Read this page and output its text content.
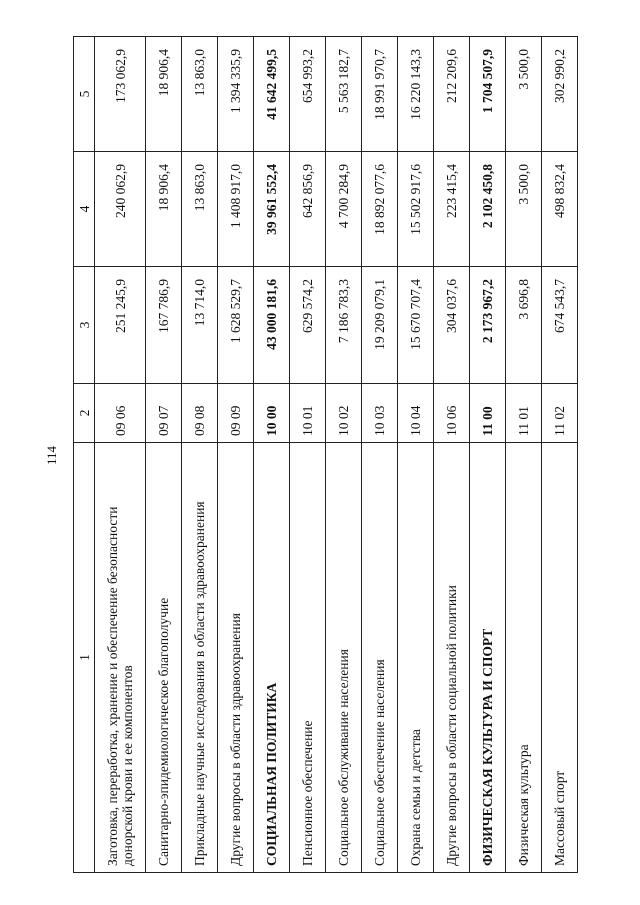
114
1	2	3	4	5
Заготовка, переработка, хранение и обеспечение безопасности донорской крови и ее компонентов	09 06	251 245,9	240 062,9	173 062,9
Санитарно-эпидемиологическое благополучие	09 07	167 786,9	18 906,4	18 906,4
Прикладные научные исследования в области здравоохранения	09 08	13 714,0	13 863,0	13 863,0
Другие вопросы в области здравоохранения	09 09	1 628 529,7	1 408 917,0	1 394 335,9
СОЦИАЛЬНАЯ ПОЛИТИКА	10 00	43 000 181,6	39 961 552,4	41 642 499,5
Пенсионное обеспечение	10 01	629 574,2	642 856,9	654 993,2
Социальное обслуживание населения	10 02	7 186 783,3	4 700 284,9	5 563 182,7
Социальное обеспечение населения	10 03	19 209 079,1	18 892 077,6	18 991 970,7
Охрана семьи и детства	10 04	15 670 707,4	15 502 917,6	16 220 143,3
Другие вопросы в области социальной политики	10 06	304 037,6	223 415,4	212 209,6
ФИЗИЧЕСКАЯ КУЛЬТУРА И СПОРТ	11 00	2 173 967,2	2 102 450,8	1 704 507,9
Физическая культура	11 01	3 696,8	3 500,0	3 500,0
Массовый спорт	11 02	674 543,7	498 832,4	302 990,2
